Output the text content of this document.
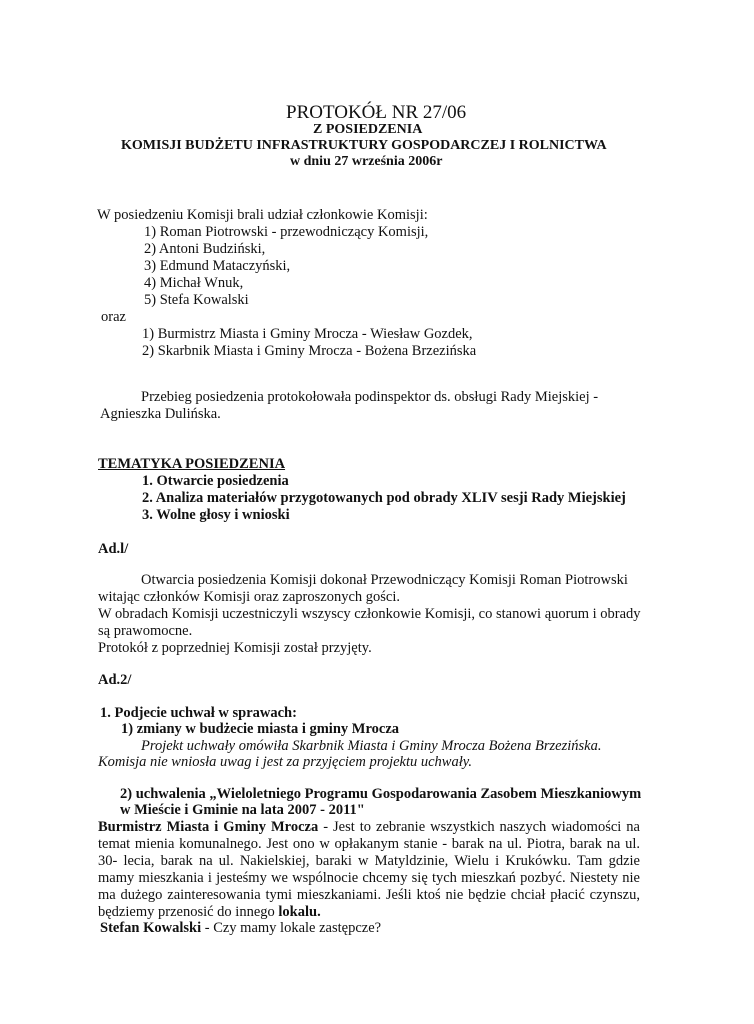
PROTOKÓŁ NR 27/06
Z POSIEDZENIA
KOMISJI BUDŻETU INFRASTRUKTURY GOSPODARCZEJ I ROLNICTWA
w dniu 27 września 2006r
W posiedzeniu Komisji brali udział członkowie Komisji:
1) Roman Piotrowski - przewodniczący Komisji,
2) Antoni Budziński,
3) Edmund Mataczyński,
4) Michał Wnuk,
5) Stefa Kowalski
oraz
1) Burmistrz Miasta i Gminy Mrocza - Wiesław Gozdek,
2) Skarbnik Miasta i Gminy Mrocza - Bożena Brzezińska
Przebieg posiedzenia protokołowała podinspektor ds. obsługi Rady Miejskiej -
Agnieszka Dulińska.
TEMATYKA POSIEDZENIA
1. Otwarcie posiedzenia
2. Analiza materiałów przygotowanych pod obrady XLIV sesji Rady Miejskiej
3. Wolne głosy i wnioski
Ad.l/
Otwarcia posiedzenia Komisji dokonał Przewodniczący Komisji Roman Piotrowski
witając członków Komisji oraz zaproszonych gości.
W obradach Komisji uczestniczyli wszyscy członkowie Komisji, co stanowi ąuorum i obrady
są prawomocne.
Protokół z poprzedniej Komisji został przyjęty.
Ad.2/
1. Podjecie uchwał w sprawach:
1) zmiany w budżecie miasta i gminy Mrocza
Projekt uchwały omówiła Skarbnik Miasta i Gminy Mrocza Bożena Brzezińska.
Komisja nie wniosła uwag i jest za przyjęciem projektu uchwały.
2) uchwalenia „Wieloletniego Programu Gospodarowania Zasobem Mieszkaniowym
w Mieście i Gminie na lata 2007 - 2011"
Burmistrz Miasta i Gminy Mrocza - Jest to zebranie wszystkich naszych wiadomości na
temat mienia komunalnego. Jest ono w opłakanym stanie - barak na ul. Piotra, barak na ul.
30- lecia, barak na ul. Nakielskiej, baraki w Matyldzinie, Wielu i Krukówku. Tam gdzie
mamy mieszkania i jesteśmy we wspólnocie chcemy się tych mieszkań pozbyć. Niestety nie
ma dużego zainteresowania tymi mieszkaniami. Jeśli ktoś nie będzie chciał płacić czynszu,
będziemy przenosić do innego lokalu.
Stefan Kowalski - Czy mamy lokale zastępcze?
